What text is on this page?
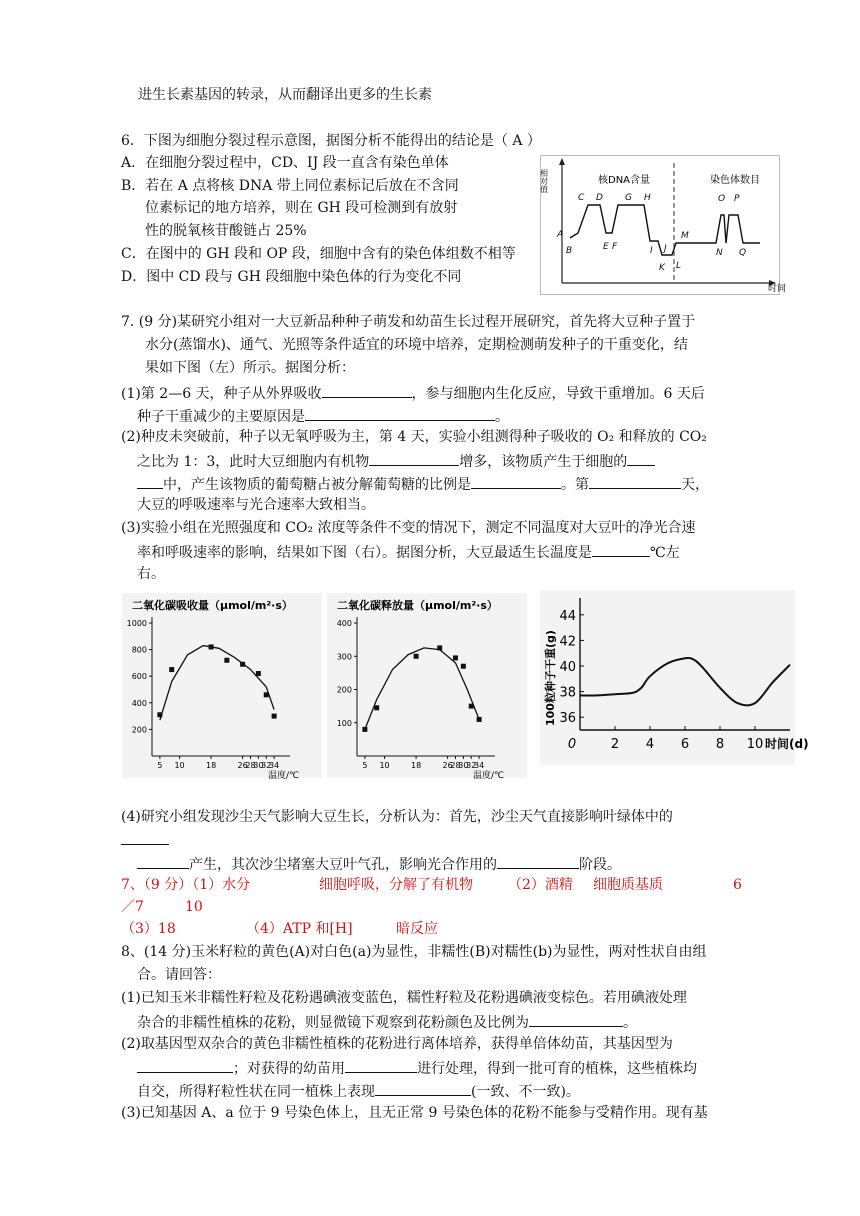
进生长素基因的转录，从而翻译出更多的生长素
6．下图为细胞分裂过程示意图，据图分析不能得出的结论是（ A ）
A．在细胞分裂过程中，CD、IJ 段一直含有染色单体
B．若在 A 点将核 DNA 带上同位素标记后放在不含同
位素标记的地方培养，则在 GH 段可检测到有放射
性的脱氧核苷酸链占 25%
C．在图中的 GH 段和 OP 段，细胞中含有的染色体组数不相等
D．图中 CD 段与 GH 段细胞中染色体的行为变化不同
相对值	核DNA含量	染色体数目
时间
A
B
C D
E F
G H
I J
K L
M
N
O P
Q
7. (9 分)某研究小组对一大豆新品种种子萌发和幼苗生长过程开展研究，首先将大豆种子置于
水分(蒸馏水)、通气、光照等条件适宜的环境中培养，定期检测萌发种子的干重变化，结
果如下图（左）所示。据图分析：
(1)第 2—6 天，种子从外界吸收	，参与细胞内生化反应，导致干重增加。6 天后
种子干重减少的主要原因是	。
(2)种皮未突破前，种子以无氧呼吸为主，第 4 天，实验小组测得种子吸收的 O₂ 和释放的 CO₂
之比为 1：3，此时大豆细胞内有机物	增多，该物质产生于细胞的
中，产生该物质的葡萄糖占被分解葡萄糖的比例是	。第	天，
大豆的呼吸速率与光合速率大致相当。
(3)实验小组在光照强度和 CO₂ 浓度等条件不变的情况下，测定不同温度对大豆叶的净光合速
率和呼吸速率的影响，结果如下图（右）。据图分析，大豆最适生长温度是	℃左
右。
二氧化碳吸收量（μmol/m²·s）
200
400
600
800
1000
5 10	18	26
28
30
32
34
温度/℃
二氧化碳释放量（μmol/m²·s）
100
200
300
400
5 10	18	26
28
30
32
34
温度/℃
36
38
40
42
44
0	2 4 6 8 10 时间(d)
100粒种子干重(g)
(4)研究小组发现沙尘天气影响大豆生长，分析认为：首先，沙尘天气直接影响叶绿体中的
产生，其次沙尘堵塞大豆叶气孔，影响光合作用的	阶段。
7、（9 分）（1）水分	细胞呼吸，分解了有机物	（2）酒精 细胞质基质	6
／7	10
（3）18	（4）ATP 和[H]	暗反应
8、(14 分)玉米籽粒的黄色(A)对白色(a)为显性，非糯性(B)对糯性(b)为显性，两对性状自由组
合。请回答：
(1)已知玉米非糯性籽粒及花粉遇碘液变蓝色，糯性籽粒及花粉遇碘液变棕色。若用碘液处理
杂合的非糯性植株的花粉，则显微镜下观察到花粉颜色及比例为	。
(2)取基因型双杂合的黄色非糯性植株的花粉进行离体培养，获得单倍体幼苗，其基因型为
；对获得的幼苗用	进行处理，得到一批可育的植株，这些植株均
自交，所得籽粒性状在同一植株上表现	(一致、不一致)。
(3)已知基因 A、a 位于 9 号染色体上，且无正常 9 号染色体的花粉不能参与受精作用。现有基
